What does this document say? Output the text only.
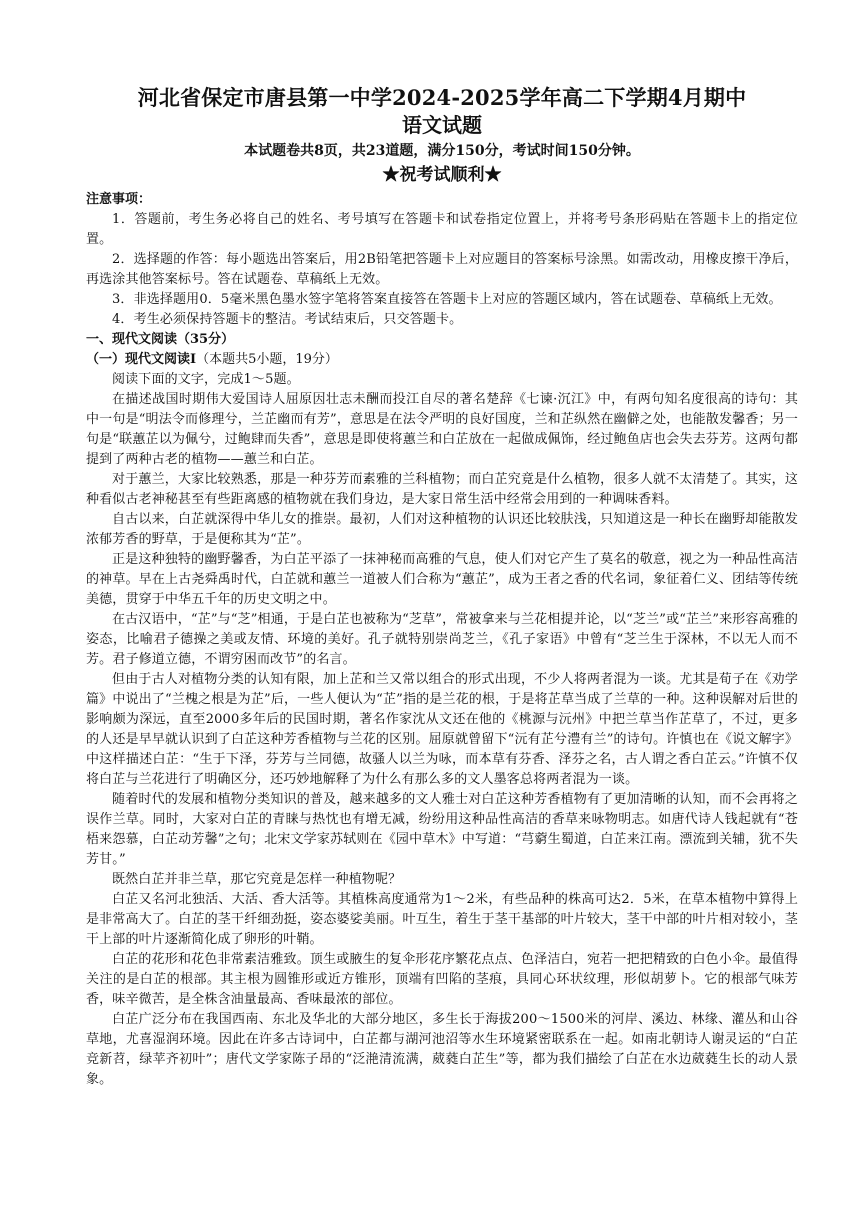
河北省保定市唐县第一中学2024-2025学年高二下学期4月期中

语文试题

本试题卷共8页，共23道题，满分150分，考试时间150分钟。

★祝考试顺利★

注意事项：

1．答题前，考生务必将自己的姓名、考号填写在答题卡和试卷指定位置上，并将考号条形码贴在答题卡上的指定位置。

2．选择题的作答：每小题选出答案后，用2B铅笔把答题卡上对应题目的答案标号涂黑。如需改动，用橡皮擦干净后，再选涂其他答案标号。答在试题卷、草稿纸上无效。

3．非选择题用0．5毫米黑色墨水签字笔将答案直接答在答题卡上对应的答题区域内，答在试题卷、草稿纸上无效。

4．考生必须保持答题卡的整洁。考试结束后，只交答题卡。

一、现代文阅读（35分）

（一）现代文阅读Ⅰ（本题共5小题，19分）

阅读下面的文字，完成1～5题。

在描述战国时期伟大爱国诗人屈原因壮志未酬而投江自尽的著名楚辞《七谏·沉江》中，有两句知名度很高的诗句：其中一句是“明法令而修理兮，兰芷幽而有芳”，意思是在法令严明的良好国度，兰和芷纵然在幽僻之处，也能散发馨香；另一句是“联蕙芷以为佩兮，过鲍肆而失香”，意思是即使将蕙兰和白芷放在一起做成佩饰，经过鲍鱼店也会失去芬芳。这两句都提到了两种古老的植物——蕙兰和白芷。

对于蕙兰，大家比较熟悉，那是一种芬芳而素雅的兰科植物；而白芷究竟是什么植物，很多人就不太清楚了。其实，这种看似古老神秘甚至有些距离感的植物就在我们身边，是大家日常生活中经常会用到的一种调味香料。

自古以来，白芷就深得中华儿女的推崇。最初，人们对这种植物的认识还比较肤浅，只知道这是一种长在幽野却能散发浓郁芳香的野草，于是便称其为“芷”。

正是这种独特的幽野馨香，为白芷平添了一抹神秘而高雅的气息，使人们对它产生了莫名的敬意，视之为一种品性高洁的神草。早在上古尧舜禹时代，白芷就和蕙兰一道被人们合称为“蕙芷”，成为王者之香的代名词，象征着仁义、团结等传统美德，贯穿于中华五千年的历史文明之中。

在古汉语中，“芷”与“芝”相通，于是白芷也被称为“芝草”，常被拿来与兰花相提并论，以“芝兰”或“芷兰”来形容高雅的姿态，比喻君子德操之美或友情、环境的美好。孔子就特别崇尚芝兰，《孔子家语》中曾有“芝兰生于深林，不以无人而不芳。君子修道立德，不谓穷困而改节”的名言。

但由于古人对植物分类的认知有限，加上芷和兰又常以组合的形式出现，不少人将两者混为一谈。尤其是荀子在《劝学篇》中说出了“兰槐之根是为芷”后，一些人便认为“芷”指的是兰花的根，于是将芷草当成了兰草的一种。这种误解对后世的影响颇为深远，直至2000多年后的民国时期，著名作家沈从文还在他的《桃源与沅州》中把兰草当作芷草了，不过，更多的人还是早早就认识到了白芷这种芳香植物与兰花的区别。屈原就曾留下“沅有芷兮澧有兰”的诗句。许慎也在《说文解字》中这样描述白芷：“生于下泽，芬芳与兰同德，故骚人以兰为咏，而本草有芬香、泽芬之名，古人谓之香白芷云。”许慎不仅将白芷与兰花进行了明确区分，还巧妙地解释了为什么有那么多的文人墨客总将两者混为一谈。

随着时代的发展和植物分类知识的普及，越来越多的文人雅士对白芷这种芳香植物有了更加清晰的认知，而不会再将之误作兰草。同时，大家对白芷的青睐与热忱也有增无减，纷纷用这种品性高洁的香草来咏物明志。如唐代诗人钱起就有“苍梧来怨慕，白芷动芳馨”之句；北宋文学家苏轼则在《园中草木》中写道：“芎藭生蜀道，白芷来江南。漂流到关辅，犹不失芳甘。”

既然白芷并非兰草，那它究竟是怎样一种植物呢？

白芷又名河北独活、大活、香大活等。其植株高度通常为1～2米，有些品种的株高可达2．5米，在草本植物中算得上是非常高大了。白芷的茎干纤细劲挺，姿态婆娑美丽。叶互生，着生于茎干基部的叶片较大，茎干中部的叶片相对较小，茎干上部的叶片逐渐简化成了卵形的叶鞘。

白芷的花形和花色非常素洁雅致。顶生或腋生的复伞形花序繁花点点、色泽洁白，宛若一把把精致的白色小伞。最值得关注的是白芷的根部。其主根为圆锥形或近方锥形，顶端有凹陷的茎痕，具同心环状纹理，形似胡萝卜。它的根部气味芳香，味辛微苦，是全株含油量最高、香味最浓的部位。

白芷广泛分布在我国西南、东北及华北的大部分地区，多生长于海拔200～1500米的河岸、溪边、林缘、灌丛和山谷草地，尤喜湿润环境。因此在许多古诗词中，白芷都与湖河池沼等水生环境紧密联系在一起。如南北朝诗人谢灵运的“白芷竞新苕，绿苹齐初叶”；唐代文学家陈子昂的“泛滟清流满，葳蕤白芷生”等，都为我们描绘了白芷在水边葳蕤生长的动人景象。
